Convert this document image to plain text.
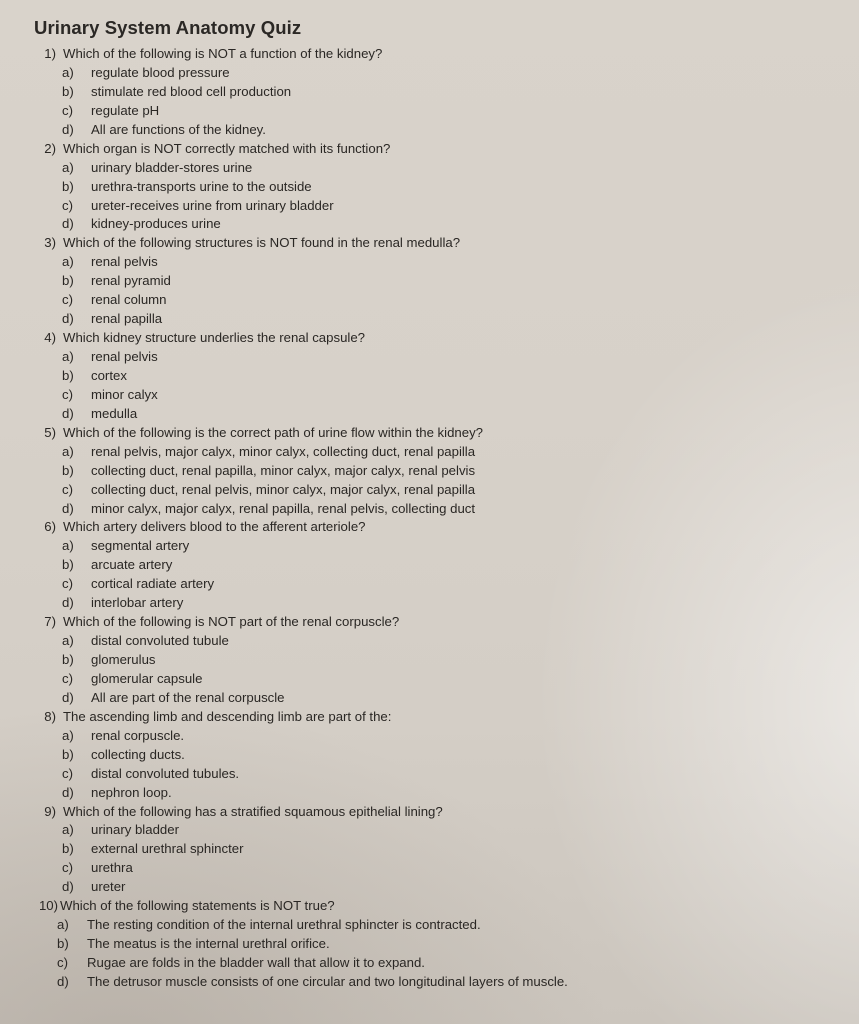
Urinary System Anatomy Quiz
1) Which of the following is NOT a function of the kidney?
a) regulate blood pressure
b) stimulate red blood cell production
c) regulate pH
d) All are functions of the kidney.
2) Which organ is NOT correctly matched with its function?
a) urinary bladder-stores urine
b) urethra-transports urine to the outside
c) ureter-receives urine from urinary bladder
d) kidney-produces urine
3) Which of the following structures is NOT found in the renal medulla?
a) renal pelvis
b) renal pyramid
c) renal column
d) renal papilla
4) Which kidney structure underlies the renal capsule?
a) renal pelvis
b) cortex
c) minor calyx
d) medulla
5) Which of the following is the correct path of urine flow within the kidney?
a) renal pelvis, major calyx, minor calyx, collecting duct, renal papilla
b) collecting duct, renal papilla, minor calyx, major calyx, renal pelvis
c) collecting duct, renal pelvis, minor calyx, major calyx, renal papilla
d) minor calyx, major calyx, renal papilla, renal pelvis, collecting duct
6) Which artery delivers blood to the afferent arteriole?
a) segmental artery
b) arcuate artery
c) cortical radiate artery
d) interlobar artery
7) Which of the following is NOT part of the renal corpuscle?
a) distal convoluted tubule
b) glomerulus
c) glomerular capsule
d) All are part of the renal corpuscle
8) The ascending limb and descending limb are part of the:
a) renal corpuscle.
b) collecting ducts.
c) distal convoluted tubules.
d) nephron loop.
9) Which of the following has a stratified squamous epithelial lining?
a) urinary bladder
b) external urethral sphincter
c) urethra
d) ureter
10) Which of the following statements is NOT true?
a) The resting condition of the internal urethral sphincter is contracted.
b) The meatus is the internal urethral orifice.
c) Rugae are folds in the bladder wall that allow it to expand.
d) The detrusor muscle consists of one circular and two longitudinal layers of muscle.
